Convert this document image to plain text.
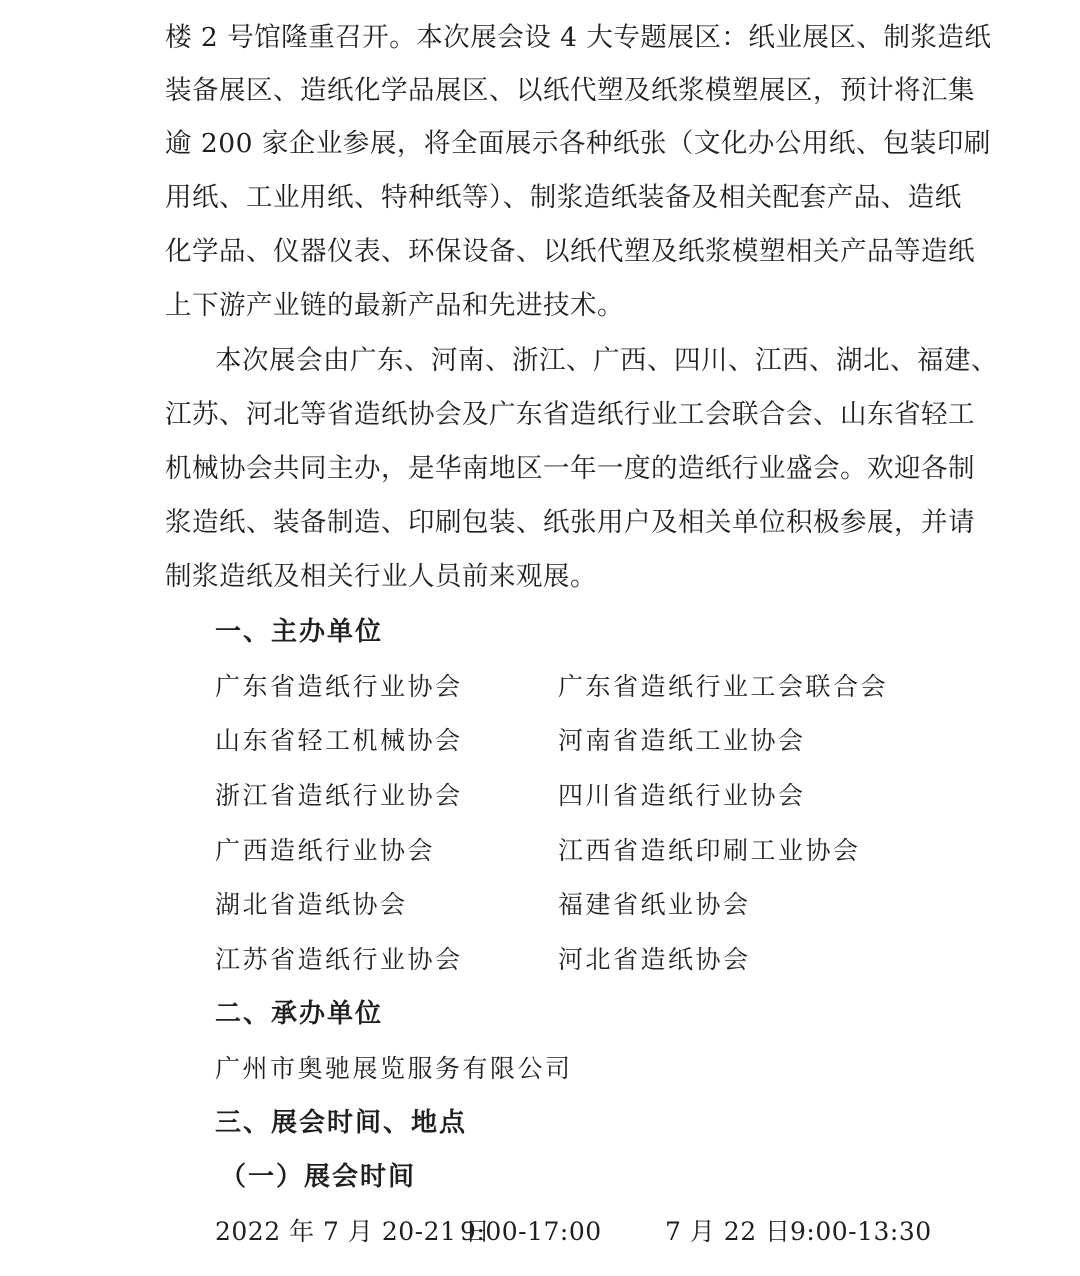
楼 2 号馆隆重召开。本次展会设 4 大专题展区：纸业展区、制浆造纸
装备展区、造纸化学品展区、以纸代塑及纸浆模塑展区，预计将汇集
逾 200 家企业参展，将全面展示各种纸张（文化办公用纸、包装印刷
用纸、工业用纸、特种纸等）、制浆造纸装备及相关配套产品、造纸
化学品、仪器仪表、环保设备、以纸代塑及纸浆模塑相关产品等造纸
上下游产业链的最新产品和先进技术。
本次展会由广东、河南、浙江、广西、四川、江西、湖北、福建、
江苏、河北等省造纸协会及广东省造纸行业工会联合会、山东省轻工
机械协会共同主办，是华南地区一年一度的造纸行业盛会。欢迎各制
浆造纸、装备制造、印刷包装、纸张用户及相关单位积极参展，并请
制浆造纸及相关行业人员前来观展。
一、主办单位
广东省造纸行业协会	广东省造纸行业工会联合会
山东省轻工机械协会	河南省造纸工业协会
浙江省造纸行业协会	四川省造纸行业协会
广西造纸行业协会	江西省造纸印刷工业协会
湖北省造纸协会	福建省纸业协会
江苏省造纸行业协会	河北省造纸协会
二、承办单位
广州市奥驰展览服务有限公司
三、展会时间、地点
（一）展会时间
2022 年 7 月 20-21 日
9:00-17:00	7 月 22 日 9:00-13:30
